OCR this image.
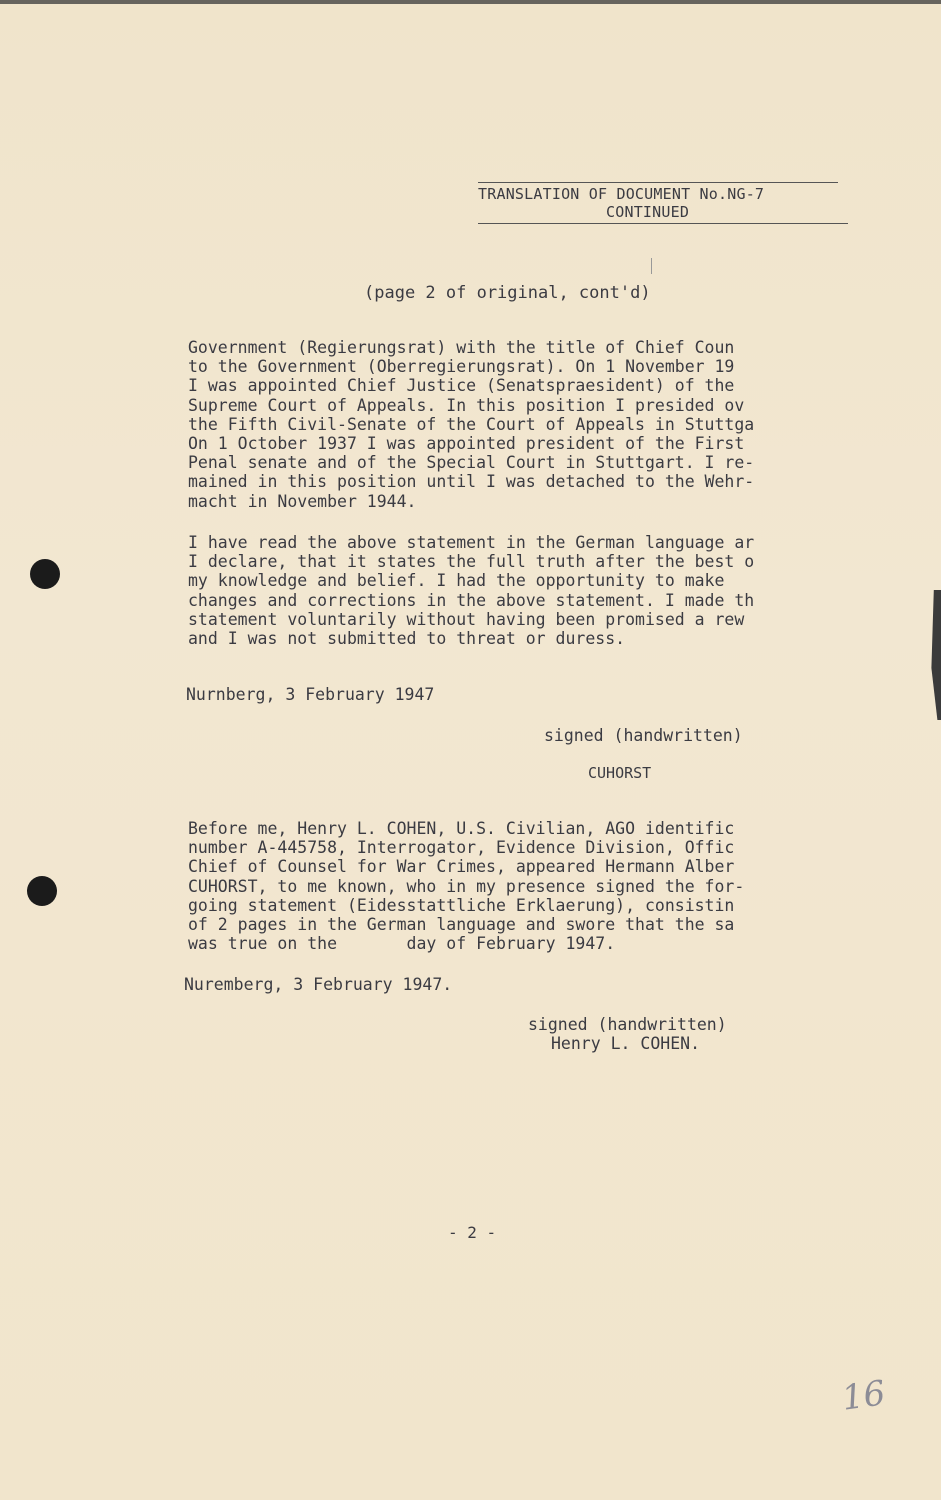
TRANSLATION OF DOCUMENT No.NG-7
CONTINUED
(page 2 of original, cont'd)
Government (Regierungsrat) with the title of Chief Coun
to the Government (Oberregierungsrat). On 1 November 19
I was appointed Chief Justice (Senatspraesident) of the
Supreme Court of Appeals. In this position I presided ov
the Fifth Civil-Senate of the Court of Appeals in Stuttga
On 1 October 1937 I was appointed president of the First
Penal senate and of the Special Court in Stuttgart. I re-
mained in this position until I was detached to the Wehr-
macht in November 1944.
I have read the above statement in the German language ar
I declare, that it states the full truth after the best o
my knowledge and belief. I had the opportunity to make
changes and corrections in the above statement. I made th
statement voluntarily without having been promised a rew
and I was not submitted to threat or duress.
Nurnberg, 3 February 1947
signed (handwritten)
CUHORST
Before me, Henry L. COHEN, U.S. Civilian, AGO identific
number A-445758, Interrogator, Evidence Division, Offic
Chief of Counsel for War Crimes, appeared Hermann Alber
CUHORST, to me known, who in my presence signed the for-
going statement (Eidesstattliche Erklaerung), consistin
of 2 pages in the German language and swore that the sa
was true on the       day of February 1947.
Nuremberg, 3 February 1947.
signed (handwritten)
Henry L. COHEN.
- 2 -
16
